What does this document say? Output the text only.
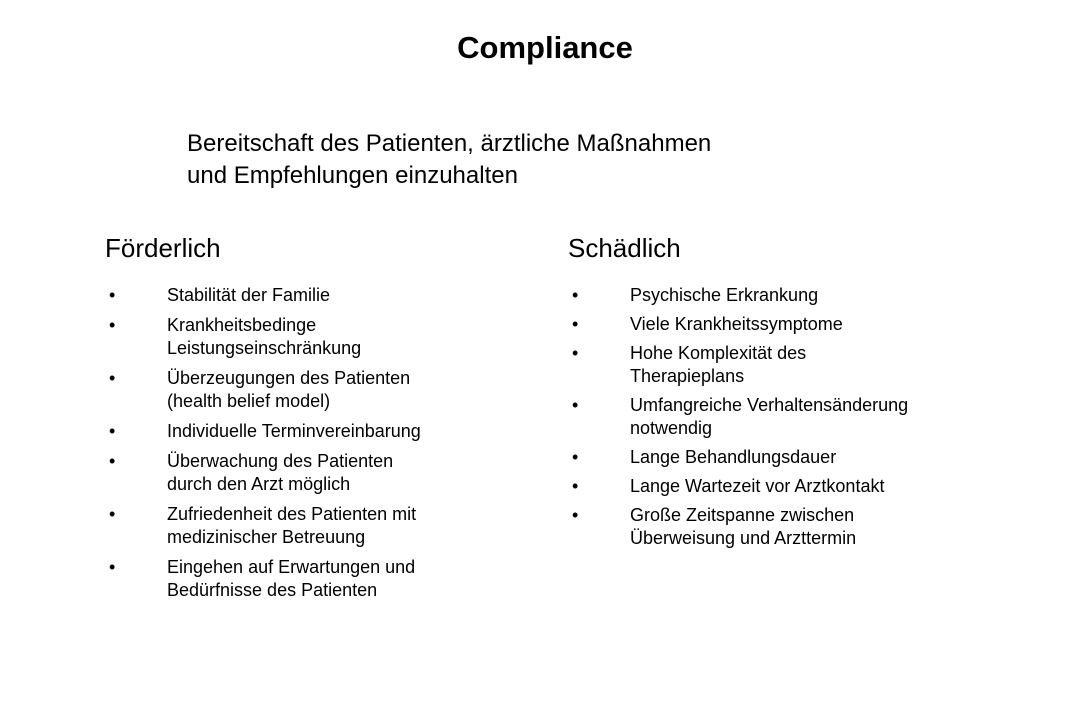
Compliance

Bereitschaft des Patienten, ärztliche Maßnahmen
und Empfehlungen einzuhalten

Förderlich
•	Stabilität der Familie
•	Krankheitsbedinge
Leistungseinschränkung
•	Überzeugungen des Patienten
(health belief model)
•	Individuelle Terminvereinbarung
•	Überwachung des Patienten
durch den Arzt möglich
•	Zufriedenheit des Patienten mit
medizinischer Betreuung
•	Eingehen auf Erwartungen und
Bedürfnisse des Patienten
Schädlich
•	Psychische Erkrankung
•	Viele Krankheitssymptome
•	Hohe Komplexität des
Therapieplans
•	Umfangreiche Verhaltensänderung
notwendig
•	Lange Behandlungsdauer
•	Lange Wartezeit vor Arztkontakt
•	Große Zeitspanne zwischen
Überweisung und Arzttermin
